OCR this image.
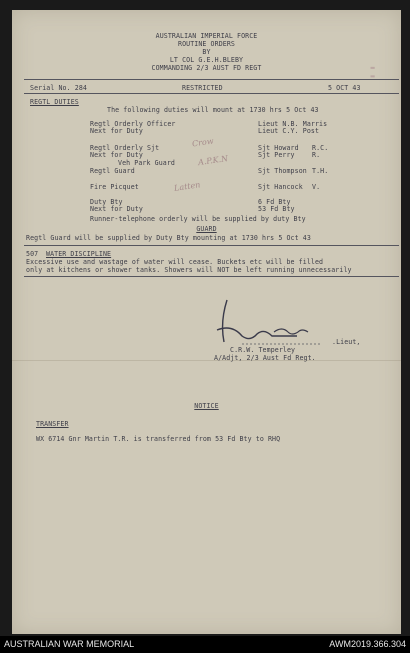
AUSTRALIAN IMPERIAL FORCE
ROUTINE ORDERS
BY
LT COL G.E.H.BLEBY
COMMANDING 2/3 AUST FD REGT	▮ ▮
Serial No. 284	RESTRICTED	5 OCT 43
REGTL DUTIES
The following duties will mount at 1730 hrs 5 Oct 43
Regtl Orderly Officer	Lieut N.B. Marris
Next for Duty	Lieut C.Y. Post
Regtl Orderly Sjt	Sjt Howard R.C.
Next for Duty	Sjt Perry	R.
Veh Park Guard
Regtl Guard	Sjt Thompson T.H.
Fire Picquet	Sjt Hancock V.
Duty Bty	6 Fd Bty
Next for Duty	53 Fd Bty
Runner-telephone orderly will be supplied by duty Bty
GUARD
Regtl Guard will be supplied by Duty Bty mounting at 1730 hrs 5 Oct 43
Crow
A.P.K.N
Latten
507 WATER DISCIPLINE
Excessive use and wastage of water will cease. Buckets etc will be filled
only at kitchens or shower tanks. Showers will NOT be left running unnecessarily
.Lieut,
C.R.W. Temperley
A/Adjt, 2/3 Aust Fd Regt.
NOTICE
TRANSFER
WX 6714 Gnr Martin T.R. is transferred from 53 Fd Bty to RHQ
AUSTRALIAN WAR MEMORIAL	AWM2019.366.304
